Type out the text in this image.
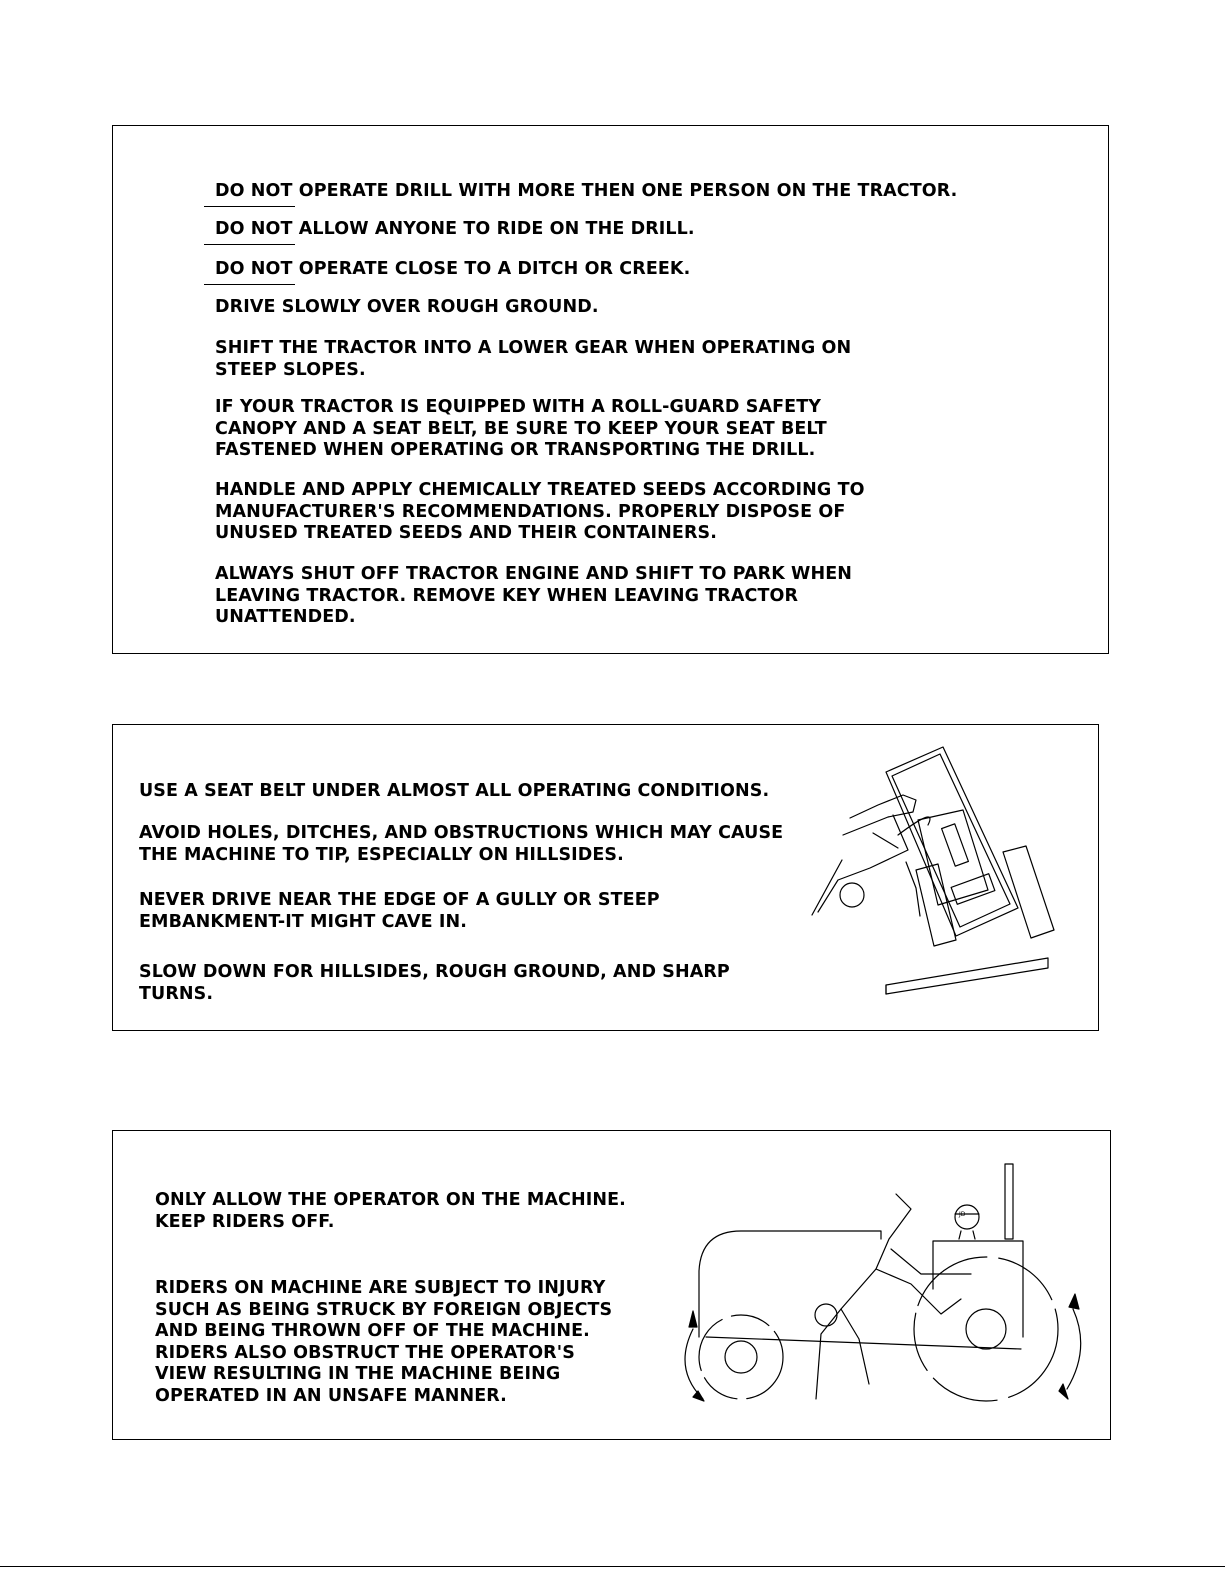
DO NOT OPERATE DRILL WITH MORE THEN ONE PERSON ON THE TRACTOR.

DO NOT ALLOW ANYONE TO RIDE ON THE DRILL.

DO NOT OPERATE CLOSE TO A DITCH OR CREEK.

DRIVE SLOWLY OVER ROUGH GROUND.

SHIFT THE TRACTOR INTO A LOWER GEAR WHEN OPERATING ON
STEEP SLOPES.

IF YOUR TRACTOR IS EQUIPPED WITH A ROLL-GUARD SAFETY
CANOPY AND A SEAT BELT, BE SURE TO KEEP YOUR SEAT BELT
FASTENED WHEN OPERATING OR TRANSPORTING THE DRILL.

HANDLE AND APPLY CHEMICALLY TREATED SEEDS ACCORDING TO
MANUFACTURER'S RECOMMENDATIONS. PROPERLY DISPOSE OF
UNUSED TREATED SEEDS AND THEIR CONTAINERS.

ALWAYS SHUT OFF TRACTOR ENGINE AND SHIFT TO PARK WHEN
LEAVING TRACTOR. REMOVE KEY WHEN LEAVING TRACTOR
UNATTENDED.

USE A SEAT BELT UNDER ALMOST ALL OPERATING CONDITIONS.

AVOID HOLES, DITCHES, AND OBSTRUCTIONS WHICH MAY CAUSE
THE MACHINE TO TIP, ESPECIALLY ON HILLSIDES.

NEVER DRIVE NEAR THE EDGE OF A GULLY OR STEEP
EMBANKMENT-IT MIGHT CAVE IN.

SLOW DOWN FOR HILLSIDES, ROUGH GROUND, AND SHARP
TURNS.

ONLY ALLOW THE OPERATOR ON THE MACHINE.
KEEP RIDERS OFF.

RIDERS ON MACHINE ARE SUBJECT TO INJURY
SUCH AS BEING STRUCK BY FOREIGN OBJECTS
AND BEING THROWN OFF OF THE MACHINE.
RIDERS ALSO OBSTRUCT THE OPERATOR'S
VIEW RESULTING IN THE MACHINE BEING
OPERATED IN AN UNSAFE MANNER.

JD
